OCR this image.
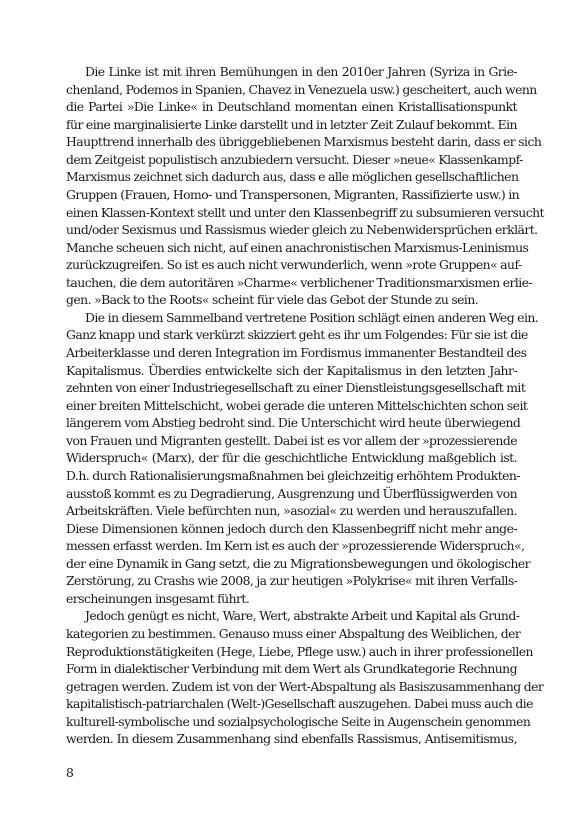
Die Linke ist mit ihren Bemühungen in den 2010er Jahren (Syriza in Grie-
chenland, Podemos in Spanien, Chavez in Venezuela usw.) gescheitert, auch wenn
die Partei »Die Linke« in Deutschland momentan einen Kristallisationspunkt
für eine marginalisierte Linke darstellt und in letzter Zeit Zulauf bekommt. Ein
Haupttrend innerhalb des übriggebliebenen Marxismus besteht darin, dass er sich
dem Zeitgeist populistisch anzubiedern versucht. Dieser »neue« Klassenkampf-
Marxismus zeichnet sich dadurch aus, dass e alle möglichen gesellschaftlichen
Gruppen (Frauen, Homo- und Transpersonen, Migranten, Rassifizierte usw.) in
einen Klassen-Kontext stellt und unter den Klassenbegriff zu subsumieren versucht
und/oder Sexismus und Rassismus wieder gleich zu Nebenwidersprüchen erklärt.
Manche scheuen sich nicht, auf einen anachronistischen Marxismus-Leninismus
zurückzugreifen. So ist es auch nicht verwunderlich, wenn »rote Gruppen« auf-
tauchen, die dem autoritären »Charme« verblichener Traditionsmarxismen erlie-
gen. »Back to the Roots« scheint für viele das Gebot der Stunde zu sein.
Die in diesem Sammelband vertretene Position schlägt einen anderen Weg ein.
Ganz knapp und stark verkürzt skizziert geht es ihr um Folgendes: Für sie ist die
Arbeiterklasse und deren Integration im Fordismus immanenter Bestandteil des
Kapitalismus. Überdies entwickelte sich der Kapitalismus in den letzten Jahr-
zehnten von einer Industriegesellschaft zu einer Dienstleistungsgesellschaft mit
einer breiten Mittelschicht, wobei gerade die unteren Mittelschichten schon seit
längerem vom Abstieg bedroht sind. Die Unterschicht wird heute überwiegend
von Frauen und Migranten gestellt. Dabei ist es vor allem der »prozessierende
Widerspruch« (Marx), der für die geschichtliche Entwicklung maßgeblich ist.
D.h. durch Rationalisierungsmaßnahmen bei gleichzeitig erhöhtem Produkten-
ausstoß kommt es zu Degradierung, Ausgrenzung und Überflüssigwerden von
Arbeitskräften. Viele befürchten nun, »asozial« zu werden und herauszufallen.
Diese Dimensionen können jedoch durch den Klassenbegriff nicht mehr ange-
messen erfasst werden. Im Kern ist es auch der »prozessierende Widerspruch«,
der eine Dynamik in Gang setzt, die zu Migrationsbewegungen und ökologischer
Zerstörung, zu Crashs wie 2008, ja zur heutigen »Polykrise« mit ihren Verfalls-
erscheinungen insgesamt führt.
Jedoch genügt es nicht, Ware, Wert, abstrakte Arbeit und Kapital als Grund-
kategorien zu bestimmen. Genauso muss einer Abspaltung des Weiblichen, der
Reproduktionstätigkeiten (Hege, Liebe, Pflege usw.) auch in ihrer professionellen
Form in dialektischer Verbindung mit dem Wert als Grundkategorie Rechnung
getragen werden. Zudem ist von der Wert-Abspaltung als Basiszusammenhang der
kapitalistisch-patriarchalen (Welt-)Gesellschaft auszugehen. Dabei muss auch die
kulturell-symbolische und sozialpsychologische Seite in Augenschein genommen
werden. In diesem Zusammenhang sind ebenfalls Rassismus, Antisemitismus,
8
